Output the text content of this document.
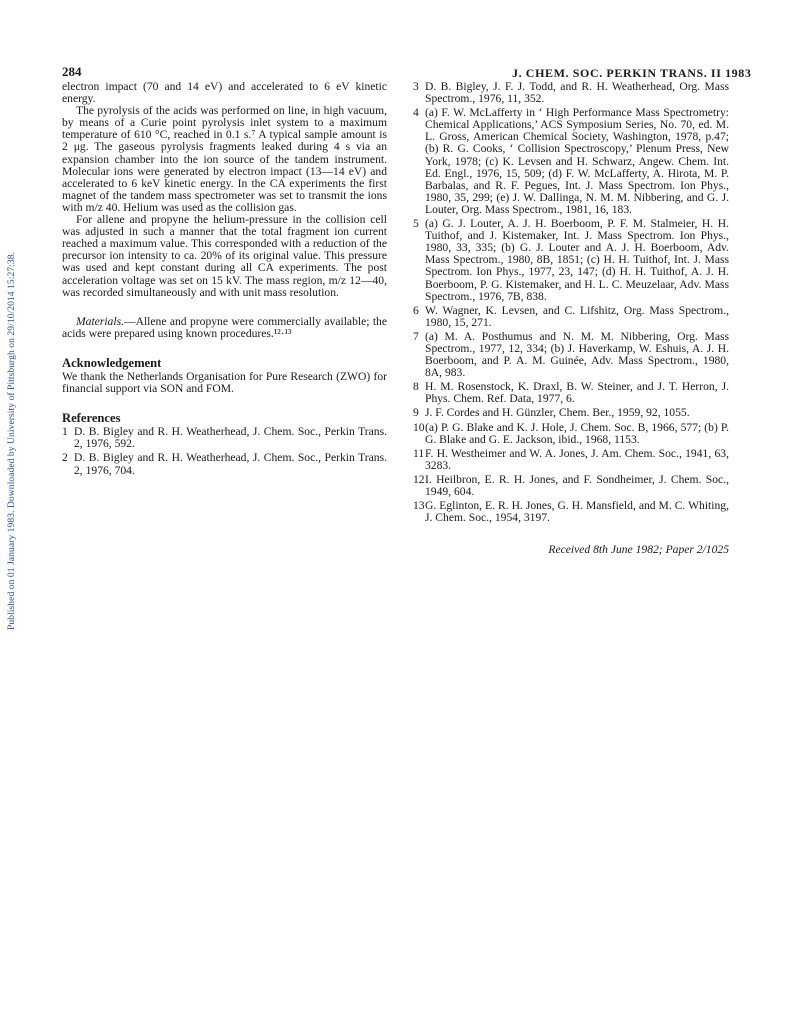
Published on 01 January 1983. Downloaded by University of Pittsburgh on 29/10/2014 15:27:38.
284	J. CHEM. SOC. PERKIN TRANS. II 1983

electron impact (70 and 14 eV) and accelerated to 6 eV kinetic energy.

The pyrolysis of the acids was performed on line, in high vacuum, by means of a Curie point pyrolysis inlet system to a maximum temperature of 610 °C, reached in 0.1 s.⁷ A typical sample amount is 2 μg. The gaseous pyrolysis fragments leaked during 4 s via an expansion chamber into the ion source of the tandem instrument. Molecular ions were generated by electron impact (13—14 eV) and accelerated to 6 keV kinetic energy. In the CA experiments the first magnet of the tandem mass spectrometer was set to transmit the ions with m/z 40. Helium was used as the collision gas.

For allene and propyne the helium-pressure in the collision cell was adjusted in such a manner that the total fragment ion current reached a maximum value. This corresponded with a reduction of the precursor ion intensity to ca. 20% of its original value. This pressure was used and kept constant during all CA experiments. The post acceleration voltage was set on 15 kV. The mass region, m/z 12—40, was recorded simultaneously and with unit mass resolution.

Materials.—Allene and propyne were commercially available; the acids were prepared using known procedures.¹²·¹³

Acknowledgement

We thank the Netherlands Organisation for Pure Research (ZWO) for financial support via SON and FOM.

References
1 D. B. Bigley and R. H. Weatherhead, J. Chem. Soc., Perkin Trans. 2, 1976, 592.
2 D. B. Bigley and R. H. Weatherhead, J. Chem. Soc., Perkin Trans. 2, 1976, 704.
3 D. B. Bigley, J. F. J. Todd, and R. H. Weatherhead, Org. Mass Spectrom., 1976, 11, 352.
4 (a) F. W. McLafferty in ‘ High Performance Mass Spectrometry: Chemical Applications,’ ACS Symposium Series, No. 70, ed. M. L. Gross, American Chemical Society, Washington, 1978, p.47; (b) R. G. Cooks, ‘ Collision Spectroscopy,’ Plenum Press, New York, 1978; (c) K. Levsen and H. Schwarz, Angew. Chem. Int. Ed. Engl., 1976, 15, 509; (d) F. W. McLafferty, A. Hirota, M. P. Barbalas, and R. F. Pegues, Int. J. Mass Spectrom. Ion Phys., 1980, 35, 299; (e) J. W. Dallinga, N. M. M. Nibbering, and G. J. Louter, Org. Mass Spectrom., 1981, 16, 183.
5 (a) G. J. Louter, A. J. H. Boerboom, P. F. M. Stalmeier, H. H. Tuithof, and J. Kistemaker, Int. J. Mass Spectrom. Ion Phys., 1980, 33, 335; (b) G. J. Louter and A. J. H. Boerboom, Adv. Mass Spectrom., 1980, 8B, 1851; (c) H. H. Tuithof, Int. J. Mass Spectrom. Ion Phys., 1977, 23, 147; (d) H. H. Tuithof, A. J. H. Boerboom, P. G. Kistemaker, and H. L. C. Meuzelaar, Adv. Mass Spectrom., 1976, 7B, 838.
6 W. Wagner, K. Levsen, and C. Lifshitz, Org. Mass Spectrom., 1980, 15, 271.
7 (a) M. A. Posthumus and N. M. M. Nibbering, Org. Mass Spectrom., 1977, 12, 334; (b) J. Haverkamp, W. Eshuis, A. J. H. Boerboom, and P. A. M. Guinée, Adv. Mass Spectrom., 1980, 8A, 983.
8 H. M. Rosenstock, K. Draxl, B. W. Steiner, and J. T. Herron, J. Phys. Chem. Ref. Data, 1977, 6.
9 J. F. Cordes and H. Günzler, Chem. Ber., 1959, 92, 1055.
10 (a) P. G. Blake and K. J. Hole, J. Chem. Soc. B, 1966, 577; (b) P. G. Blake and G. E. Jackson, ibid., 1968, 1153.
11 F. H. Westheimer and W. A. Jones, J. Am. Chem. Soc., 1941, 63, 3283.
12 I. Heilbron, E. R. H. Jones, and F. Sondheimer, J. Chem. Soc., 1949, 604.
13 G. Eglinton, E. R. H. Jones, G. H. Mansfield, and M. C. Whiting, J. Chem. Soc., 1954, 3197.
Received 8th June 1982; Paper 2/1025
